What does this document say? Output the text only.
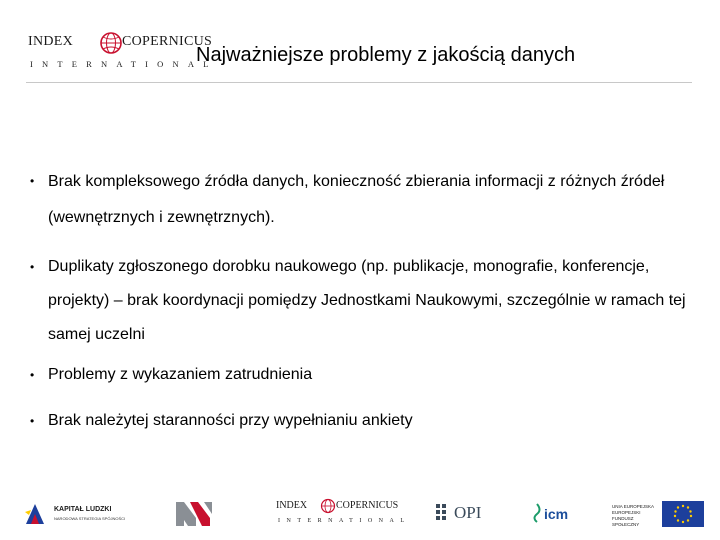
INDEX	COPERNICUS
INTERNATIONAL
Najważniejsze problemy z jakością danych
• Brak kompleksowego źródła danych, konieczność zbierania informacji z różnych źródeł (wewnętrznych i zewnętrznych).
• Duplikaty zgłoszonego dorobku naukowego (np. publikacje, monografie, konferencje, projekty) – brak koordynacji pomiędzy Jednostkami Naukowymi, szczególnie w ramach tej samej uczelni
• Problemy z wykazaniem zatrudnienia
• Brak należytej staranności przy wypełnianiu ankiety
KAPITAŁ LUDZKI
NARODOWA STRATEGIA SPÓJNOŚCI
INDEX	COPERNICUS
INTERNATIONAL	OPI	icm	UNIA EUROPEJSKA EUROPEJSKI FUNDUSZ SPOŁECZNY
